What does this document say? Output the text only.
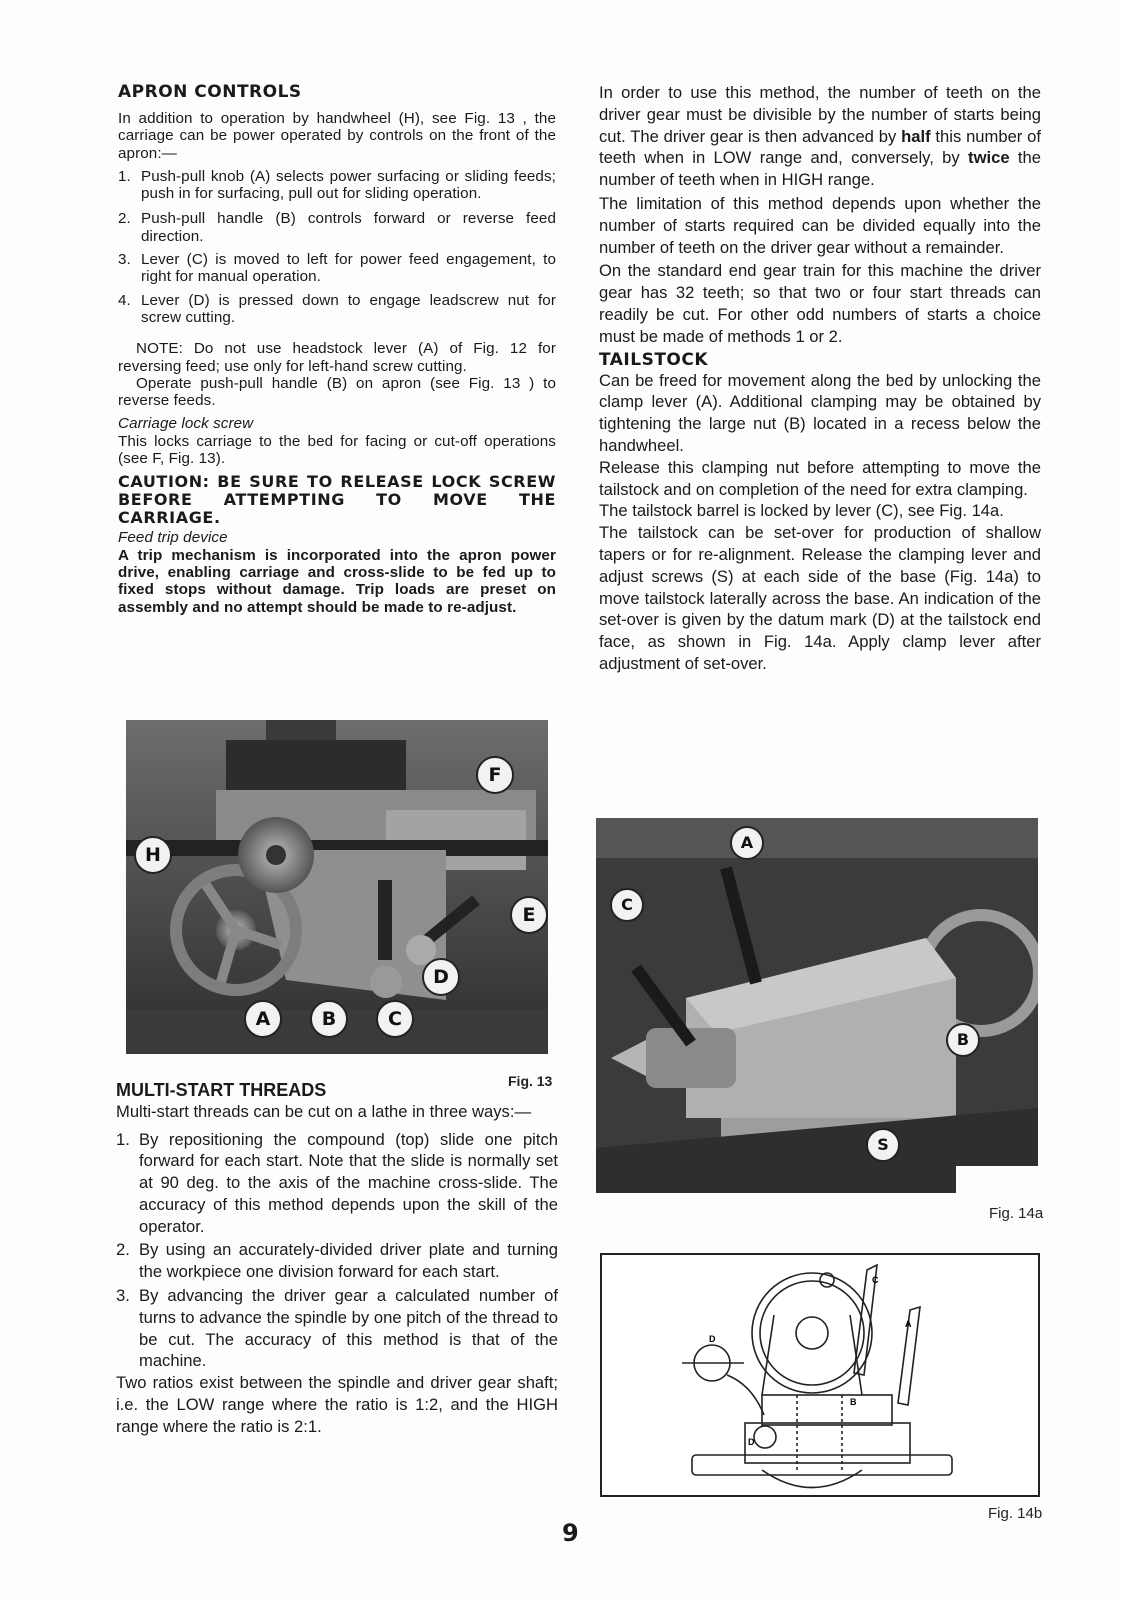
APRON CONTROLS

In addition to operation by handwheel (H), see Fig. 13 , the carriage can be power operated by controls on the front of the apron:—

1. Push-pull knob (A) selects power surfacing or sliding feeds; push in for surfacing, pull out for sliding operation.
2. Push-pull handle (B) controls forward or reverse feed direction.
3. Lever (C) is moved to left for power feed engagement, to right for manual operation.
4. Lever (D) is pressed down to engage leadscrew nut for screw cutting.

NOTE: Do not use headstock lever (A) of Fig. 12 for reversing feed; use only for left-hand screw cutting.

Operate push-pull handle (B) on apron (see Fig. 13 ) to reverse feeds.

Carriage lock screw

This locks carriage to the bed for facing or cut-off operations (see F, Fig. 13).

CAUTION: BE SURE TO RELEASE LOCK SCREW BEFORE ATTEMPTING TO MOVE THE CARRIAGE.

Feed trip device

A trip mechanism is incorporated into the apron power drive, enabling carriage and cross-slide to be fed up to fixed stops without damage. Trip loads are preset on assembly and no attempt should be made to re-adjust.

H
F
E
D
A	B	C
Fig. 13
MULTI-START THREADS

Multi-start threads can be cut on a lathe in three ways:—

1. By repositioning the compound (top) slide one pitch forward for each start. Note that the slide is normally set at 90 deg. to the axis of the machine cross-slide. The accuracy of this method depends upon the skill of the operator.
2. By using an accurately-divided driver plate and turning the workpiece one division forward for each start.
3. By advancing the driver gear a calculated number of turns to advance the spindle by one pitch of the thread to be cut. The accuracy of this method is that of the machine.

Two ratios exist between the spindle and driver gear shaft; i.e. the LOW range where the ratio is 1:2, and the HIGH range where the ratio is 2:1.

In order to use this method, the number of teeth on the driver gear must be divisible by the number of starts being cut. The driver gear is then advanced by half this number of teeth when in LOW range and, conversely, by twice the number of teeth when in HIGH range.

The limitation of this method depends upon whether the number of starts required can be divided equally into the number of teeth on the driver gear without a remainder.

On the standard end gear train for this machine the driver gear has 32 teeth; so that two or four start threads can readily be cut. For other odd numbers of starts a choice must be made of methods 1 or 2.

TAILSTOCK

Can be freed for movement along the bed by unlocking the clamp lever (A). Additional clamping may be obtained by tightening the large nut (B) located in a recess below the handwheel.

Release this clamping nut before attempting to move the tailstock and on completion of the need for extra clamping.

The tailstock barrel is locked by lever (C), see Fig. 14a.

The tailstock can be set-over for production of shallow tapers or for re-alignment. Release the clamping lever and adjust screws (S) at each side of the base (Fig. 14a) to move tailstock laterally across the base. An indication of the set-over is given by the datum mark (D) at the tailstock end face, as shown in Fig. 14a. Apply clamp lever after adjustment of set-over.

A
C
B
S
Fig. 14a
C
A
D
D
B
Fig. 14b
9
